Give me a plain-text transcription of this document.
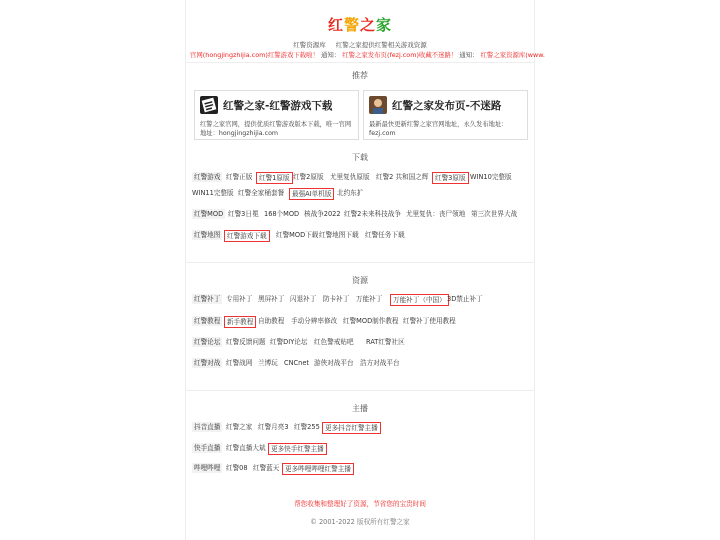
红警之家
红警资源库 红警之家提供红警相关游戏资源
官网(hongjingzhijia.com)红警游戏下载啦！ 通知： 红警之家发布页(fezj.com)收藏不迷路！ 通知： 红警之家资源库(www.
推荐
红警之家-红警游戏下载
红警之家官网，提供优质红警游戏版本下载，唯一官网地址：hongjingzhijia.com
红警之家发布页-不迷路
最新最快更新红警之家官网地址，永久发布地址：fezj.com
下载
红警游戏 红警正版	红警1原版 红警2原版 尤里复仇原版 红警2 共和国之辉 红警3原版 WIN10完整版
WIN11完整版 红警全家桶套餐	最强AI单机版 北约东扩
红警MOD 红警3日冕 168个MOD 核战争2022 红警2未来科技战争 尤里复仇：丧尸领地 第三次世界大战
红警地图	红警游戏下载	红警MOD下载 红警地图下载 红警任务下载
资源
红警补丁 专用补丁 黑屏补丁 闪退补丁 防卡补丁 万能补丁	万能补丁（中国） 3D禁止补丁
红警教程	新手教程 自助教程 手动分辨率修改 红警MOD制作教程 红警补丁使用教程
红警论坛 红警反馈问题 红警DIY论坛 红色警戒贴吧 RAT红警社区
红警对战 红警战网 兰博玩 CNCnet 游侠对战平台 浩方对战平台
主播
抖音直播 红警之家 红警月亮3 红警255 更多抖音红警主播
快手直播 红警直播大斌 更多快手红警主播
哔哩哔哩 红警08 红警蓝天 更多哔哩哔哩红警主播
帮您收集和整理好了资源，节省您的宝贵时间
© 2001-2022 版权所有红警之家
